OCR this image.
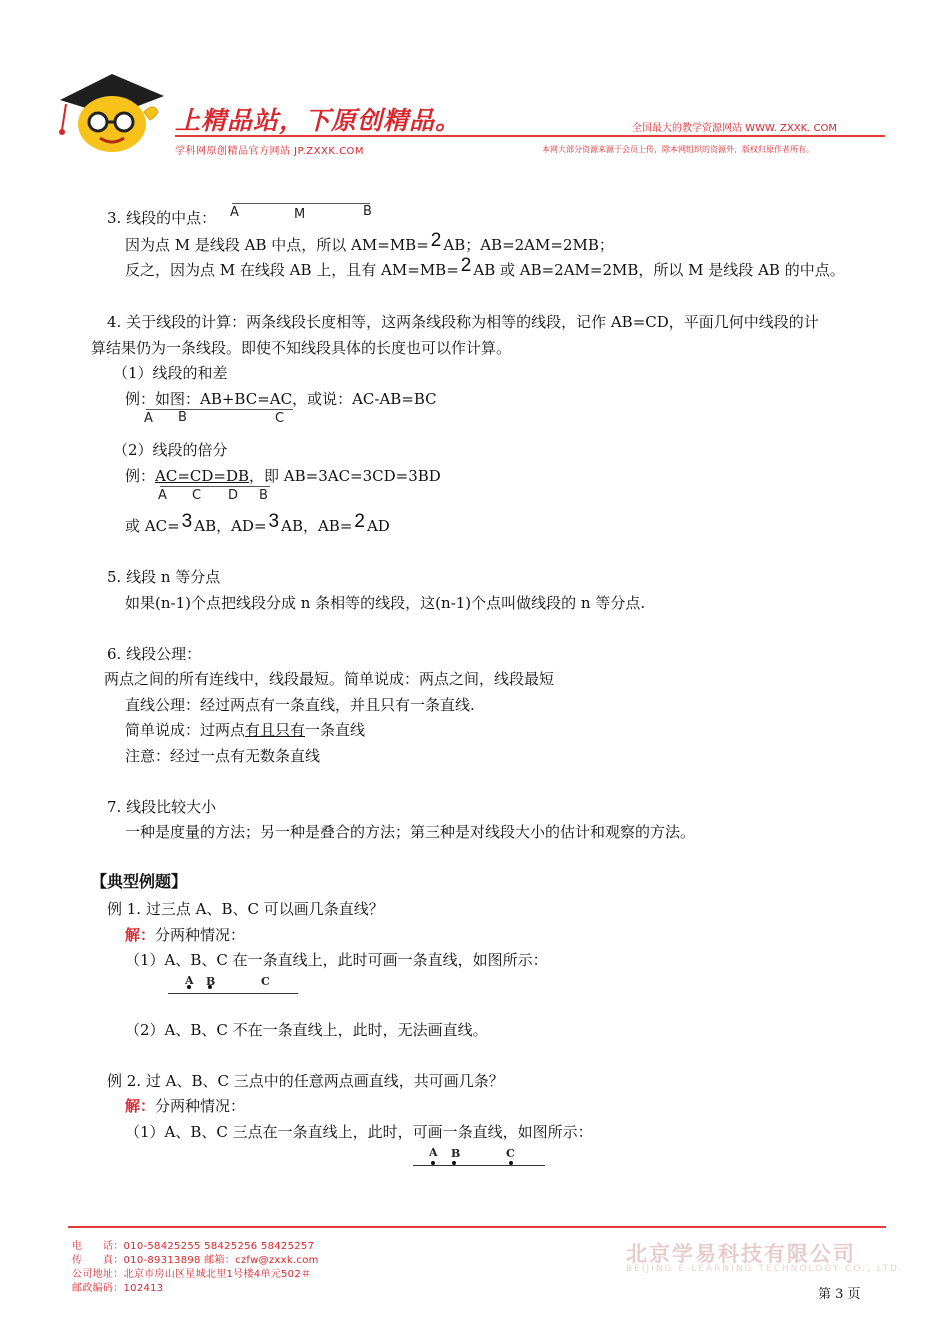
上精品站，下原创精品。
学科网原创精品官方网站 JP.ZXXK.COM
全国最大的教学资源网站 WWW. ZXXK. COM
本网大部分资源来源于会员上传，除本网组织的资源外，版权归原作者所有。
3. 线段的中点： A	M	B
因为点 M 是线段 AB 中点，所以 AM=MB= 2 AB；AB=2AM=2MB；
反之，因为点 M 在线段 AB 上，且有 AM=MB= 2 AB 或 AB=2AM=2MB，所以 M 是线段 AB 的中点。
4. 关于线段的计算：两条线段长度相等，这两条线段称为相等的线段，记作 AB=CD，平面几何中线段的计
算结果仍为一条线段。即使不知线段具体的长度也可以作计算。
（1）线段的和差
例：如图：AB+BC=AC，或说：AC-AB=BC
A B	C
（2）线段的倍分
例：AC=CD=DB，即 AB=3AC=3CD=3BD
A C D B
或 AC= 3 AB，AD= 3 AB，AB= 2 AD
5. 线段 n 等分点
如果(n-1)个点把线段分成 n 条相等的线段，这(n-1)个点叫做线段的 n 等分点.
6. 线段公理：
两点之间的所有连线中，线段最短。简单说成：两点之间，线段最短
直线公理：经过两点有一条直线，并且只有一条直线.
简单说成：过两点有且只有一条直线
注意：经过一点有无数条直线
7. 线段比较大小
一种是度量的方法；另一种是叠合的方法；第三种是对线段大小的估计和观察的方法。
【典型例题】
例 1. 过三点 A、B、C 可以画几条直线？
解：分两种情况：
（1）A、B、C 在一条直线上，此时可画一条直线，如图所示：
A B	C
（2）A、B、C 不在一条直线上，此时，无法画直线。
例 2. 过 A、B、C 三点中的任意两点画直线，共可画几条？
解：分两种情况：
（1）A、B、C 三点在一条直线上，此时，可画一条直线，如图所示：
A B	C
电　　话：010-58425255 58425256 58425257
传　　真：010-89313898 邮箱：czfw@zxxk.com
公司地址：北京市房山区星城北里1号楼4单元502＃
邮政编码：102413
北京学易科技有限公司
BEIJING E-LEARNING TECHNOLOGY CO., LTD.
第 3 页
